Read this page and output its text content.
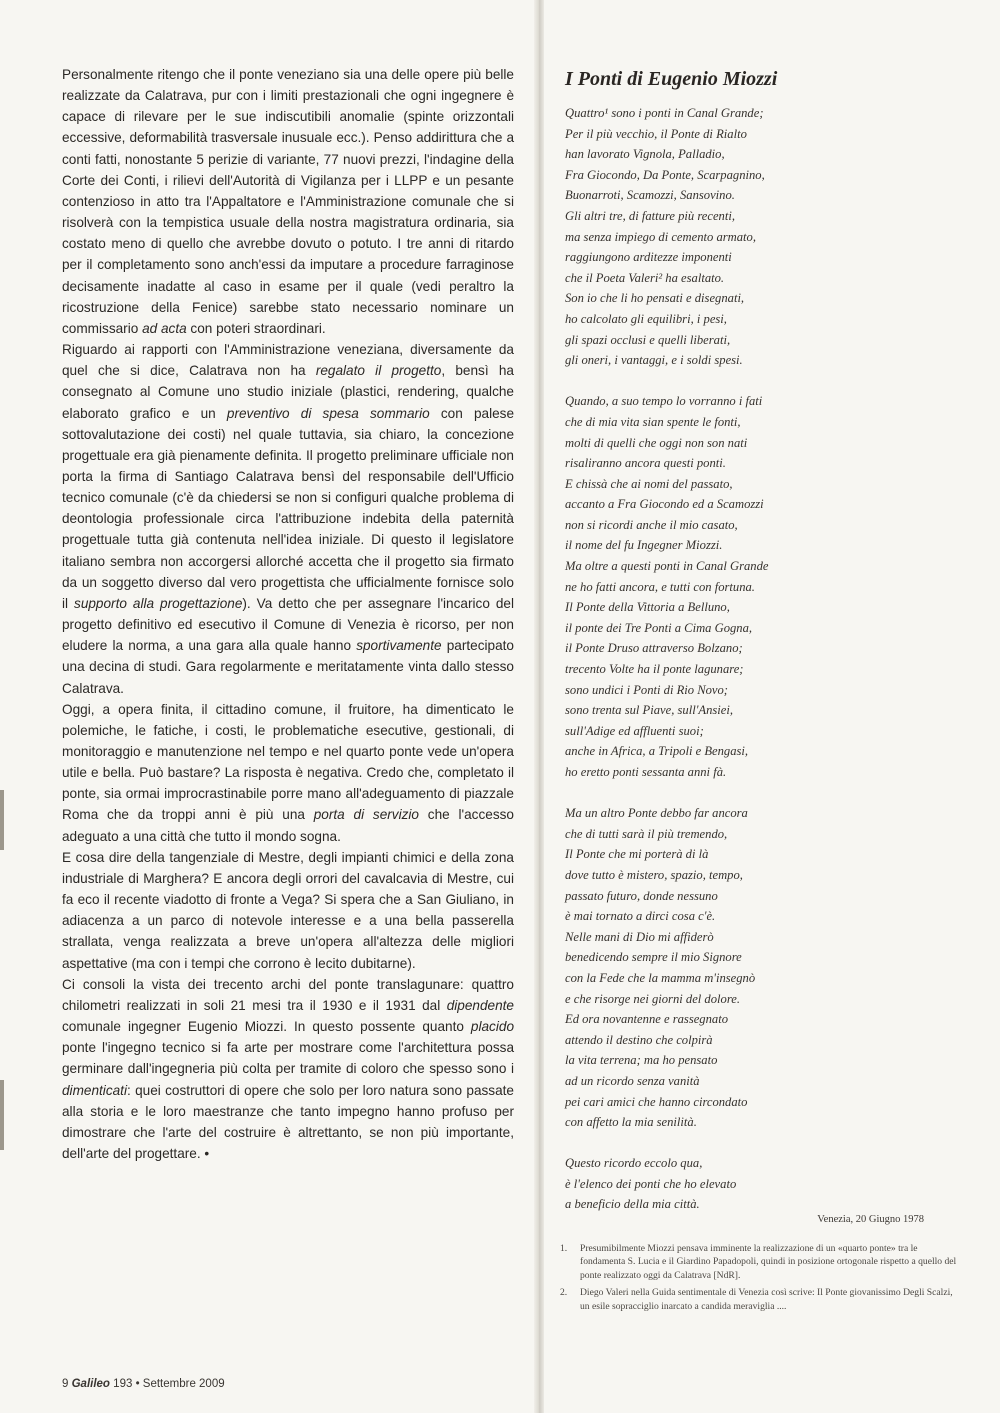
Personalmente ritengo che il ponte veneziano sia una delle opere più belle realizzate da Calatrava, pur con i limiti prestazionali che ogni ingegnere è capace di rilevare per le sue indiscutibili anomalie (spinte orizzontali eccessive, deformabilità trasversale inusuale ecc.). Penso addirittura che a conti fatti, nonostante 5 perizie di variante, 77 nuovi prezzi, l'indagine della Corte dei Conti, i rilievi dell'Autorità di Vigilanza per i LLPP e un pesante contenzioso in atto tra l'Appaltatore e l'Amministrazione comunale che si risolverà con la tempistica usuale della nostra magistratura ordinaria, sia costato meno di quello che avrebbe dovuto o potuto. I tre anni di ritardo per il completamento sono anch'essi da imputare a procedure farraginose decisamente inadatte al caso in esame per il quale (vedi peraltro la ricostruzione della Fenice) sarebbe stato necessario nominare un commissario ad acta con poteri straordinari.

Riguardo ai rapporti con l'Amministrazione veneziana, diversamente da quel che si dice, Calatrava non ha regalato il progetto, bensì ha consegnato al Comune uno studio iniziale (plastici, rendering, qualche elaborato grafico e un preventivo di spesa sommario con palese sottovalutazione dei costi) nel quale tuttavia, sia chiaro, la concezione progettuale era già pienamente definita. Il progetto preliminare ufficiale non porta la firma di Santiago Calatrava bensì del responsabile dell'Ufficio tecnico comunale (c'è da chiedersi se non si configuri qualche problema di deontologia professionale circa l'attribuzione indebita della paternità progettuale tutta già contenuta nell'idea iniziale. Di questo il legislatore italiano sembra non accorgersi allorché accetta che il progetto sia firmato da un soggetto diverso dal vero progettista che ufficialmente fornisce solo il supporto alla progettazione). Va detto che per assegnare l'incarico del progetto definitivo ed esecutivo il Comune di Venezia è ricorso, per non eludere la norma, a una gara alla quale hanno sportivamente partecipato una decina di studi. Gara regolarmente e meritatamente vinta dallo stesso Calatrava.

Oggi, a opera finita, il cittadino comune, il fruitore, ha dimenticato le polemiche, le fatiche, i costi, le problematiche esecutive, gestionali, di monitoraggio e manutenzione nel tempo e nel quarto ponte vede un'opera utile e bella. Può bastare? La risposta è negativa. Credo che, completato il ponte, sia ormai improcrastinabile porre mano all'adeguamento di piazzale Roma che da troppi anni è più una porta di servizio che l'accesso adeguato a una città che tutto il mondo sogna.

E cosa dire della tangenziale di Mestre, degli impianti chimici e della zona industriale di Marghera? E ancora degli orrori del cavalcavia di Mestre, cui fa eco il recente viadotto di fronte a Vega? Si spera che a San Giuliano, in adiacenza a un parco di notevole interesse e a una bella passerella strallata, venga realizzata a breve un'opera all'altezza delle migliori aspettative (ma con i tempi che corrono è lecito dubitarne).

Ci consoli la vista dei trecento archi del ponte translagunare: quattro chilometri realizzati in soli 21 mesi tra il 1930 e il 1931 dal dipendente comunale ingegner Eugenio Miozzi. In questo possente quanto placido ponte l'ingegno tecnico si fa arte per mostrare come l'architettura possa germinare dall'ingegneria più colta per tramite di coloro che spesso sono i dimenticati: quei costruttori di opere che solo per loro natura sono passate alla storia e le loro maestranze che tanto impegno hanno profuso per dimostrare che l'arte del costruire è altrettanto, se non più importante, dell'arte del progettare. •

9 Galileo 193 • Settembre 2009
I Ponti di Eugenio Miozzi
Quattro¹ sono i ponti in Canal Grande;
Per il più vecchio, il Ponte di Rialto
han lavorato Vignola, Palladio,
Fra Giocondo, Da Ponte, Scarpagnino,
Buonarroti, Scamozzi, Sansovino.
Gli altri tre, di fatture più recenti,
ma senza impiego di cemento armato,
raggiungono arditezze imponenti
che il Poeta Valeri² ha esaltato.
Son io che li ho pensati e disegnati,
ho calcolato gli equilibri, i pesi,
gli spazi occlusi e quelli liberati,
gli oneri, i vantaggi, e i soldi spesi.
Quando, a suo tempo lo vorranno i fati
che di mia vita sian spente le fonti,
molti di quelli che oggi non son nati
risaliranno ancora questi ponti.
E chissà che ai nomi del passato,
accanto a Fra Giocondo ed a Scamozzi
non si ricordi anche il mio casato,
il nome del fu Ingegner Miozzi.
Ma oltre a questi ponti in Canal Grande
ne ho fatti ancora, e tutti con fortuna.
Il Ponte della Vittoria a Belluno,
il ponte dei Tre Ponti a Cima Gogna,
il Ponte Druso attraverso Bolzano;
trecento Volte ha il ponte lagunare;
sono undici i Ponti di Rio Novo;
sono trenta sul Piave, sull'Ansiei,
sull'Adige ed affluenti suoi;
anche in Africa, a Tripoli e Bengasi,
ho eretto ponti sessanta anni fà.
Ma un altro Ponte debbo far ancora
che di tutti sarà il più tremendo,
Il Ponte che mi porterà di là
dove tutto è mistero, spazio, tempo,
passato futuro, donde nessuno
è mai tornato a dirci cosa c'è.
Nelle mani di Dio mi affiderò
benedicendo sempre il mio Signore
con la Fede che la mamma m'insegnò
e che risorge nei giorni del dolore.
Ed ora novantenne e rassegnato
attendo il destino che colpirà
la vita terrena; ma ho pensato
ad un ricordo senza vanità
pei cari amici che hanno circondato
con affetto la mia senilità.
Questo ricordo eccolo qua,
è l'elenco dei ponti che ho elevato
a beneficio della mia città.
Venezia, 20 Giugno 1978
1. Presumibilmente Miozzi pensava imminente la realizzazione di un «quarto ponte» tra le fondamenta S. Lucia e il Giardino Papadopoli, quindi in posizione ortogonale rispetto a quello del ponte realizzato oggi da Calatrava [NdR].
2. Diego Valeri nella Guida sentimentale di Venezia così scrive: Il Ponte giovanissimo Degli Scalzi, un esile sopracciglio inarcato a candida meraviglia ....
